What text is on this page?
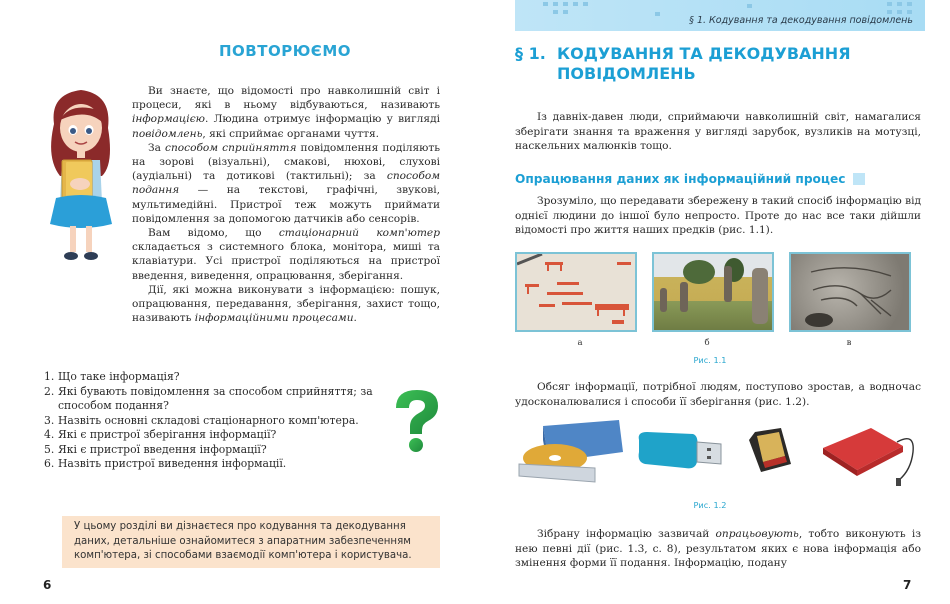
ПОВТОРЮЄМО

Ви знаєте, що відомості про навколишній світ і процеси, які в ньому відбуваються, називають інформацією. Людина отримує інформацію у вигляді повідомлень, які сприймає органами чуття.

За способом сприйняття повідомлення поділяють на зорові (візуальні), смакові, нюхові, слухові (аудіальні) та дотикові (тактильні); за способом подання — на текстові, графічні, звукові, мультимедійні. Пристрої теж можуть приймати повідомлення за допомогою датчиків або сенсорів.

Вам відомо, що стаціонарний комп'ютер складається з системного блока, монітора, миші та клавіатури. Усі пристрої поділяються на пристрої введення, виведення, опрацювання, зберігання.

Дії, які можна виконувати з інформацією: пошук, опрацювання, передавання, зберігання, захист тощо, називають інформаційними процесами.

1. Що таке інформація?
2. Які бувають повідомлення за способом сприйняття; за способом подання?
3. Назвіть основні складові стаціонарного комп'ютера.
4. Які є пристрої зберігання інформації?
5. Які є пристрої введення інформації?
6. Назвіть пристрої виведення інформації.
У цьому розділі ви дізнаєтеся про кодування та декодування даних, детальніше ознайомитеся з апаратним забезпеченням комп'ютера, зі способами взаємодії комп'ютера і користувача.
6
§ 1. Кодування та декодування повідомлень
§ 1. КОДУВАННЯ ТА ДЕКОДУВАННЯ ПОВІДОМЛЕНЬ

Із давніх-давен люди, сприймаючи навколишній світ, намагалися зберігати знання та враження у вигляді зарубок, вузликів на мотузці, наскельних малюнків тощо.

Опрацювання даних як інформаційний процес

Зрозуміло, що передавати збережену в такий спосіб інформацію від однієї людини до іншої було непросто. Проте до нас все таки дійшли відомості про життя наших предків (рис. 1.1).

а	б	в
Рис. 1.1

Обсяг інформації, потрібної людям, поступово зростав, а водночас удосконалювалися і способи її зберігання (рис. 1.2).

Рис. 1.2

Зібрану інформацію зазвичай опрацьовують, тобто виконують із нею певні дії (рис. 1.3, с. 8), результатом яких є нова інформація або змінення форми її подання. Інформацію, подану

7
